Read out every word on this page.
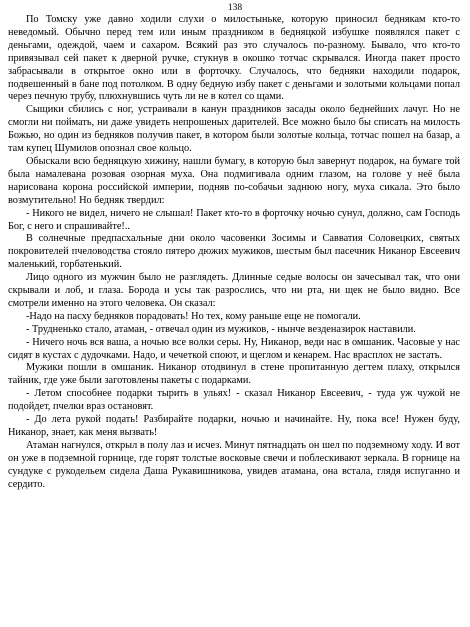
138

По Томску уже давно ходили слухи о милостыньке, которую приносил беднякам кто-то неведомый. Обычно перед тем или иным праздником в бедняцкой избушке появлялся пакет с деньгами, одеждой, чаем и сахаром. Всякий раз это случалось по-разному. Бывало, что кто-то привязывал сей пакет к дверной ручке, стукнув в окошко тотчас скрывался. Иногда пакет просто забрасывали в открытое окно или в форточку. Случалось, что бедняки находили подарок, подвешенный в бане под потолком. В одну бедную избу пакет с деньгами и золотыми кольцами попал через печную трубу, плюхнувшись чуть ли не в котел со щами.

Сыщики сбились с ног, устраивали в канун праздников засады около беднейших лачуг. Но не смогли ни поймать, ни даже увидеть непрошеных дарителей. Все можно было бы списать на милость Божью, но один из бедняков получив пакет, в котором были золотые кольца, тотчас пошел на базар, а там купец Шумилов опознал свое кольцо.

Обыскали всю бедняцкую хижину, нашли бумагу, в которую был завернут подарок, на бумаге той была намалевана розовая озорная муха. Она подмигивала одним глазом, на голове у неё была нарисована корона российской империи, подняв по-собачьи заднюю ногу, муха сикала. Это было возмутительно! Но бедняк твердил:

- Никого не видел, ничего не слышал! Пакет кто-то в форточку ночью сунул, должно, сам Господь Бог, с него и спрашивайте!..

В солнечные предпасхальные дни около часовенки Зосимы и Савватия Соловецких, святых покровителей пчеловодства стояло пятеро дюжих мужиков, шестым был пасечник Никанор Евсеевич маленький, горбатенький.

Лицо одного из мужчин было не разглядеть. Длинные седые волосы он зачесывал так, что они скрывали и лоб, и глаза. Борода и усы так разрослись, что ни рта, ни щек не было видно. Все смотрели именно на этого человека. Он сказал:

-Надо на пасху бедняков порадовать! Но тех, кому раньше еще не помогали.

- Трудненько стало, атаман, - отвечал один из мужиков, - нынче везденазирок наставили.

- Ничего ночь вся ваша, а ночью все волки серы. Ну, Никанор, веди нас в омшаник. Часовые у нас сидят в кустах с дудочками. Надо, и чечеткой споют, и щеглом и кенарем. Нас врасплох не застать.

Мужики пошли в омшаник. Никанор отодвинул в стене пропитанную дегтем плаху, открылся тайник, где уже были заготовлены пакеты с подарками.

- Летом способнее подарки тырить в ульях! - сказал Никанор Евсеевич, - туда уж чужой не подойдет, пчелки враз остановят.

- До лета рукой подать! Разбирайте подарки, ночью и начинайте. Ну, пока все! Нужен буду, Никанор, знает, как меня вызвать!

Атаман нагнулся, открыл в полу лаз и исчез. Минут пятнадцать он шел по подземному ходу. И вот он уже в подземной горнице, где горят толстые восковые свечи и поблескивают зеркала. В горнице на сундуке с рукодельем сидела Даша Рукавишникова, увидев атамана, она встала, глядя испуганно и сердито.
